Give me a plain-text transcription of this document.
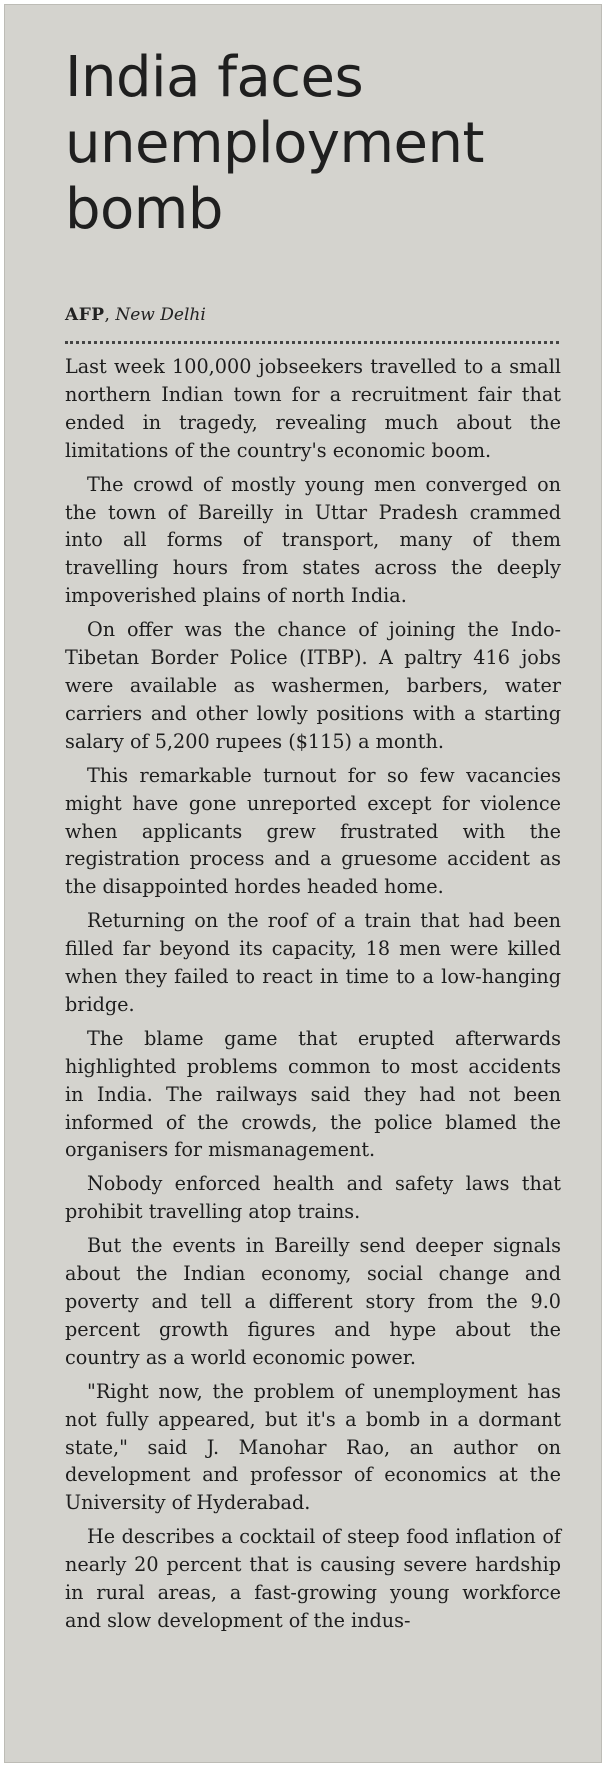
India faces unemployment bomb
AFP, New Delhi

Last week 100,000 jobseekers travelled to a small northern Indian town for a recruitment fair that ended in tragedy, revealing much about the limitations of the country's economic boom.

The crowd of mostly young men converged on the town of Bareilly in Uttar Pradesh crammed into all forms of transport, many of them travelling hours from states across the deeply impoverished plains of north India.

On offer was the chance of joining the Indo-Tibetan Border Police (ITBP). A paltry 416 jobs were available as washermen, barbers, water carriers and other lowly positions with a starting salary of 5,200 rupees ($115) a month.

This remarkable turnout for so few vacancies might have gone unreported except for violence when applicants grew frustrated with the registration process and a gruesome accident as the disappointed hordes headed home.

Returning on the roof of a train that had been filled far beyond its capacity, 18 men were killed when they failed to react in time to a low-hanging bridge.

The blame game that erupted afterwards highlighted problems common to most accidents in India. The railways said they had not been informed of the crowds, the police blamed the organisers for mismanagement.

Nobody enforced health and safety laws that prohibit travelling atop trains.

But the events in Bareilly send deeper signals about the Indian economy, social change and poverty and tell a different story from the 9.0 percent growth figures and hype about the country as a world economic power.

"Right now, the problem of unemployment has not fully appeared, but it's a bomb in a dormant state," said J. Manohar Rao, an author on development and professor of economics at the University of Hyderabad.

He describes a cocktail of steep food inflation of nearly 20 percent that is causing severe hardship in rural areas, a fast-growing young workforce and slow development of the indus-
